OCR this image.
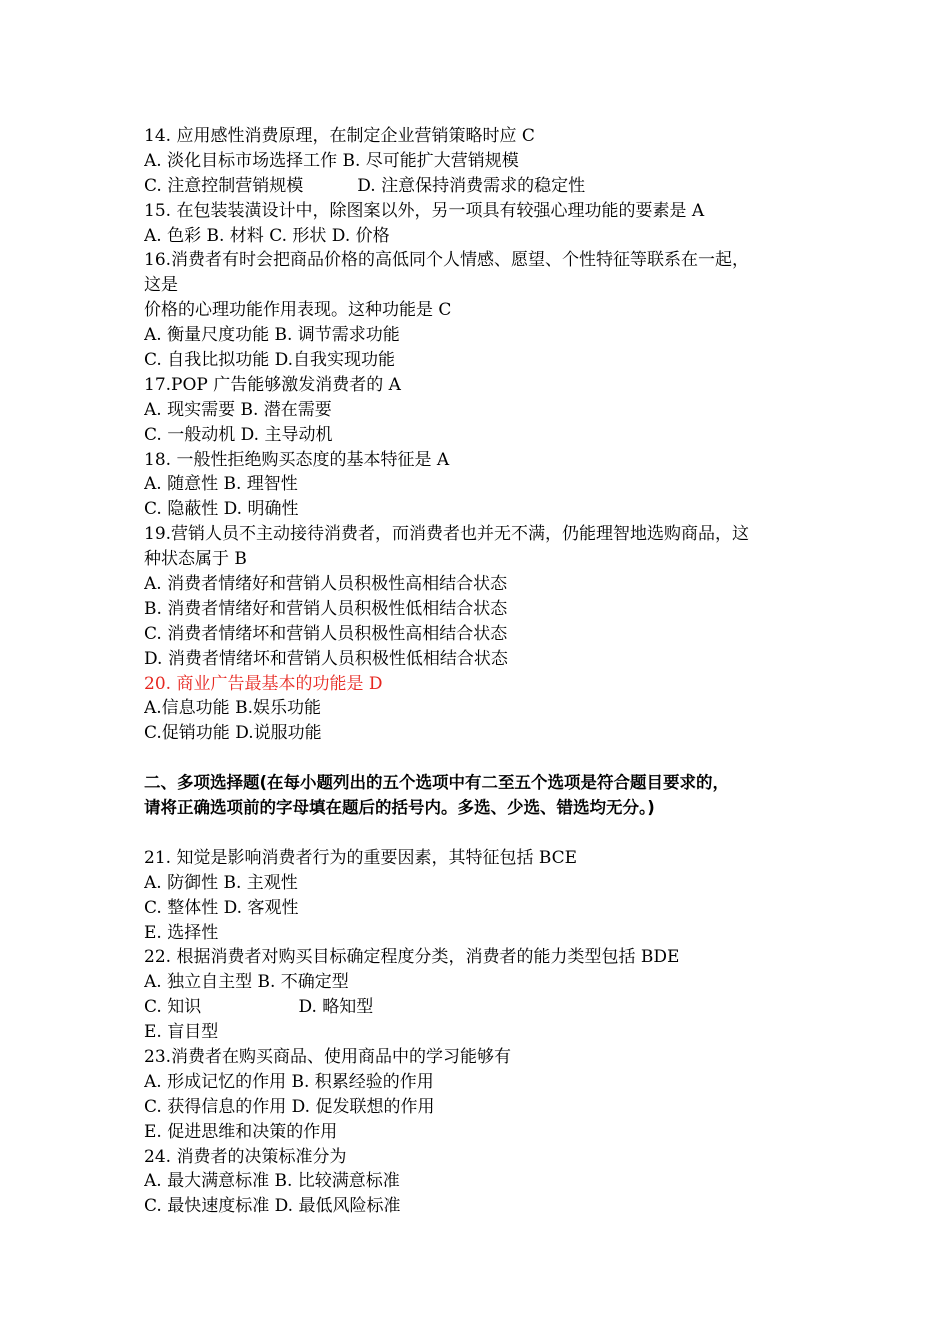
14. 应用感性消费原理，在制定企业营销策略时应 C
A. 淡化目标市场选择工作 B. 尽可能扩大营销规模
C. 注意控制营销规模          D. 注意保持消费需求的稳定性
15. 在包装装潢设计中，除图案以外，另一项具有较强心理功能的要素是 A
A. 色彩 B. 材料 C. 形状 D. 价格
16.消费者有时会把商品价格的高低同个人情感、愿望、个性特征等联系在一起，
这是
价格的心理功能作用表现。这种功能是 C
A. 衡量尺度功能 B. 调节需求功能
C. 自我比拟功能 D.自我实现功能
17.POP 广告能够激发消费者的 A
A. 现实需要 B. 潜在需要
C. 一般动机 D. 主导动机
18. 一般性拒绝购买态度的基本特征是 A
A. 随意性 B. 理智性
C. 隐蔽性 D. 明确性
19.营销人员不主动接待消费者，而消费者也并无不满，仍能理智地选购商品，这
种状态属于 B
A. 消费者情绪好和营销人员积极性高相结合状态
B. 消费者情绪好和营销人员积极性低相结合状态
C. 消费者情绪坏和营销人员积极性高相结合状态
D. 消费者情绪坏和营销人员积极性低相结合状态
20. 商业广告最基本的功能是 D
A.信息功能 B.娱乐功能
C.促销功能 D.说服功能
二、多项选择题(在每小题列出的五个选项中有二至五个选项是符合题目要求的，
请将正确选项前的字母填在题后的括号内。多选、少选、错选均无分。)
21. 知觉是影响消费者行为的重要因素，其特征包括 BCE
A. 防御性 B. 主观性
C. 整体性 D. 客观性
E. 选择性
22. 根据消费者对购买目标确定程度分类，消费者的能力类型包括 BDE
A. 独立自主型 B. 不确定型
C. 知识                  D. 略知型
E. 盲目型
23.消费者在购买商品、使用商品中的学习能够有
A. 形成记忆的作用 B. 积累经验的作用
C. 获得信息的作用 D. 促发联想的作用
E. 促进思维和决策的作用
24. 消费者的决策标准分为
A. 最大满意标准 B. 比较满意标准
C. 最快速度标准 D. 最低风险标准
